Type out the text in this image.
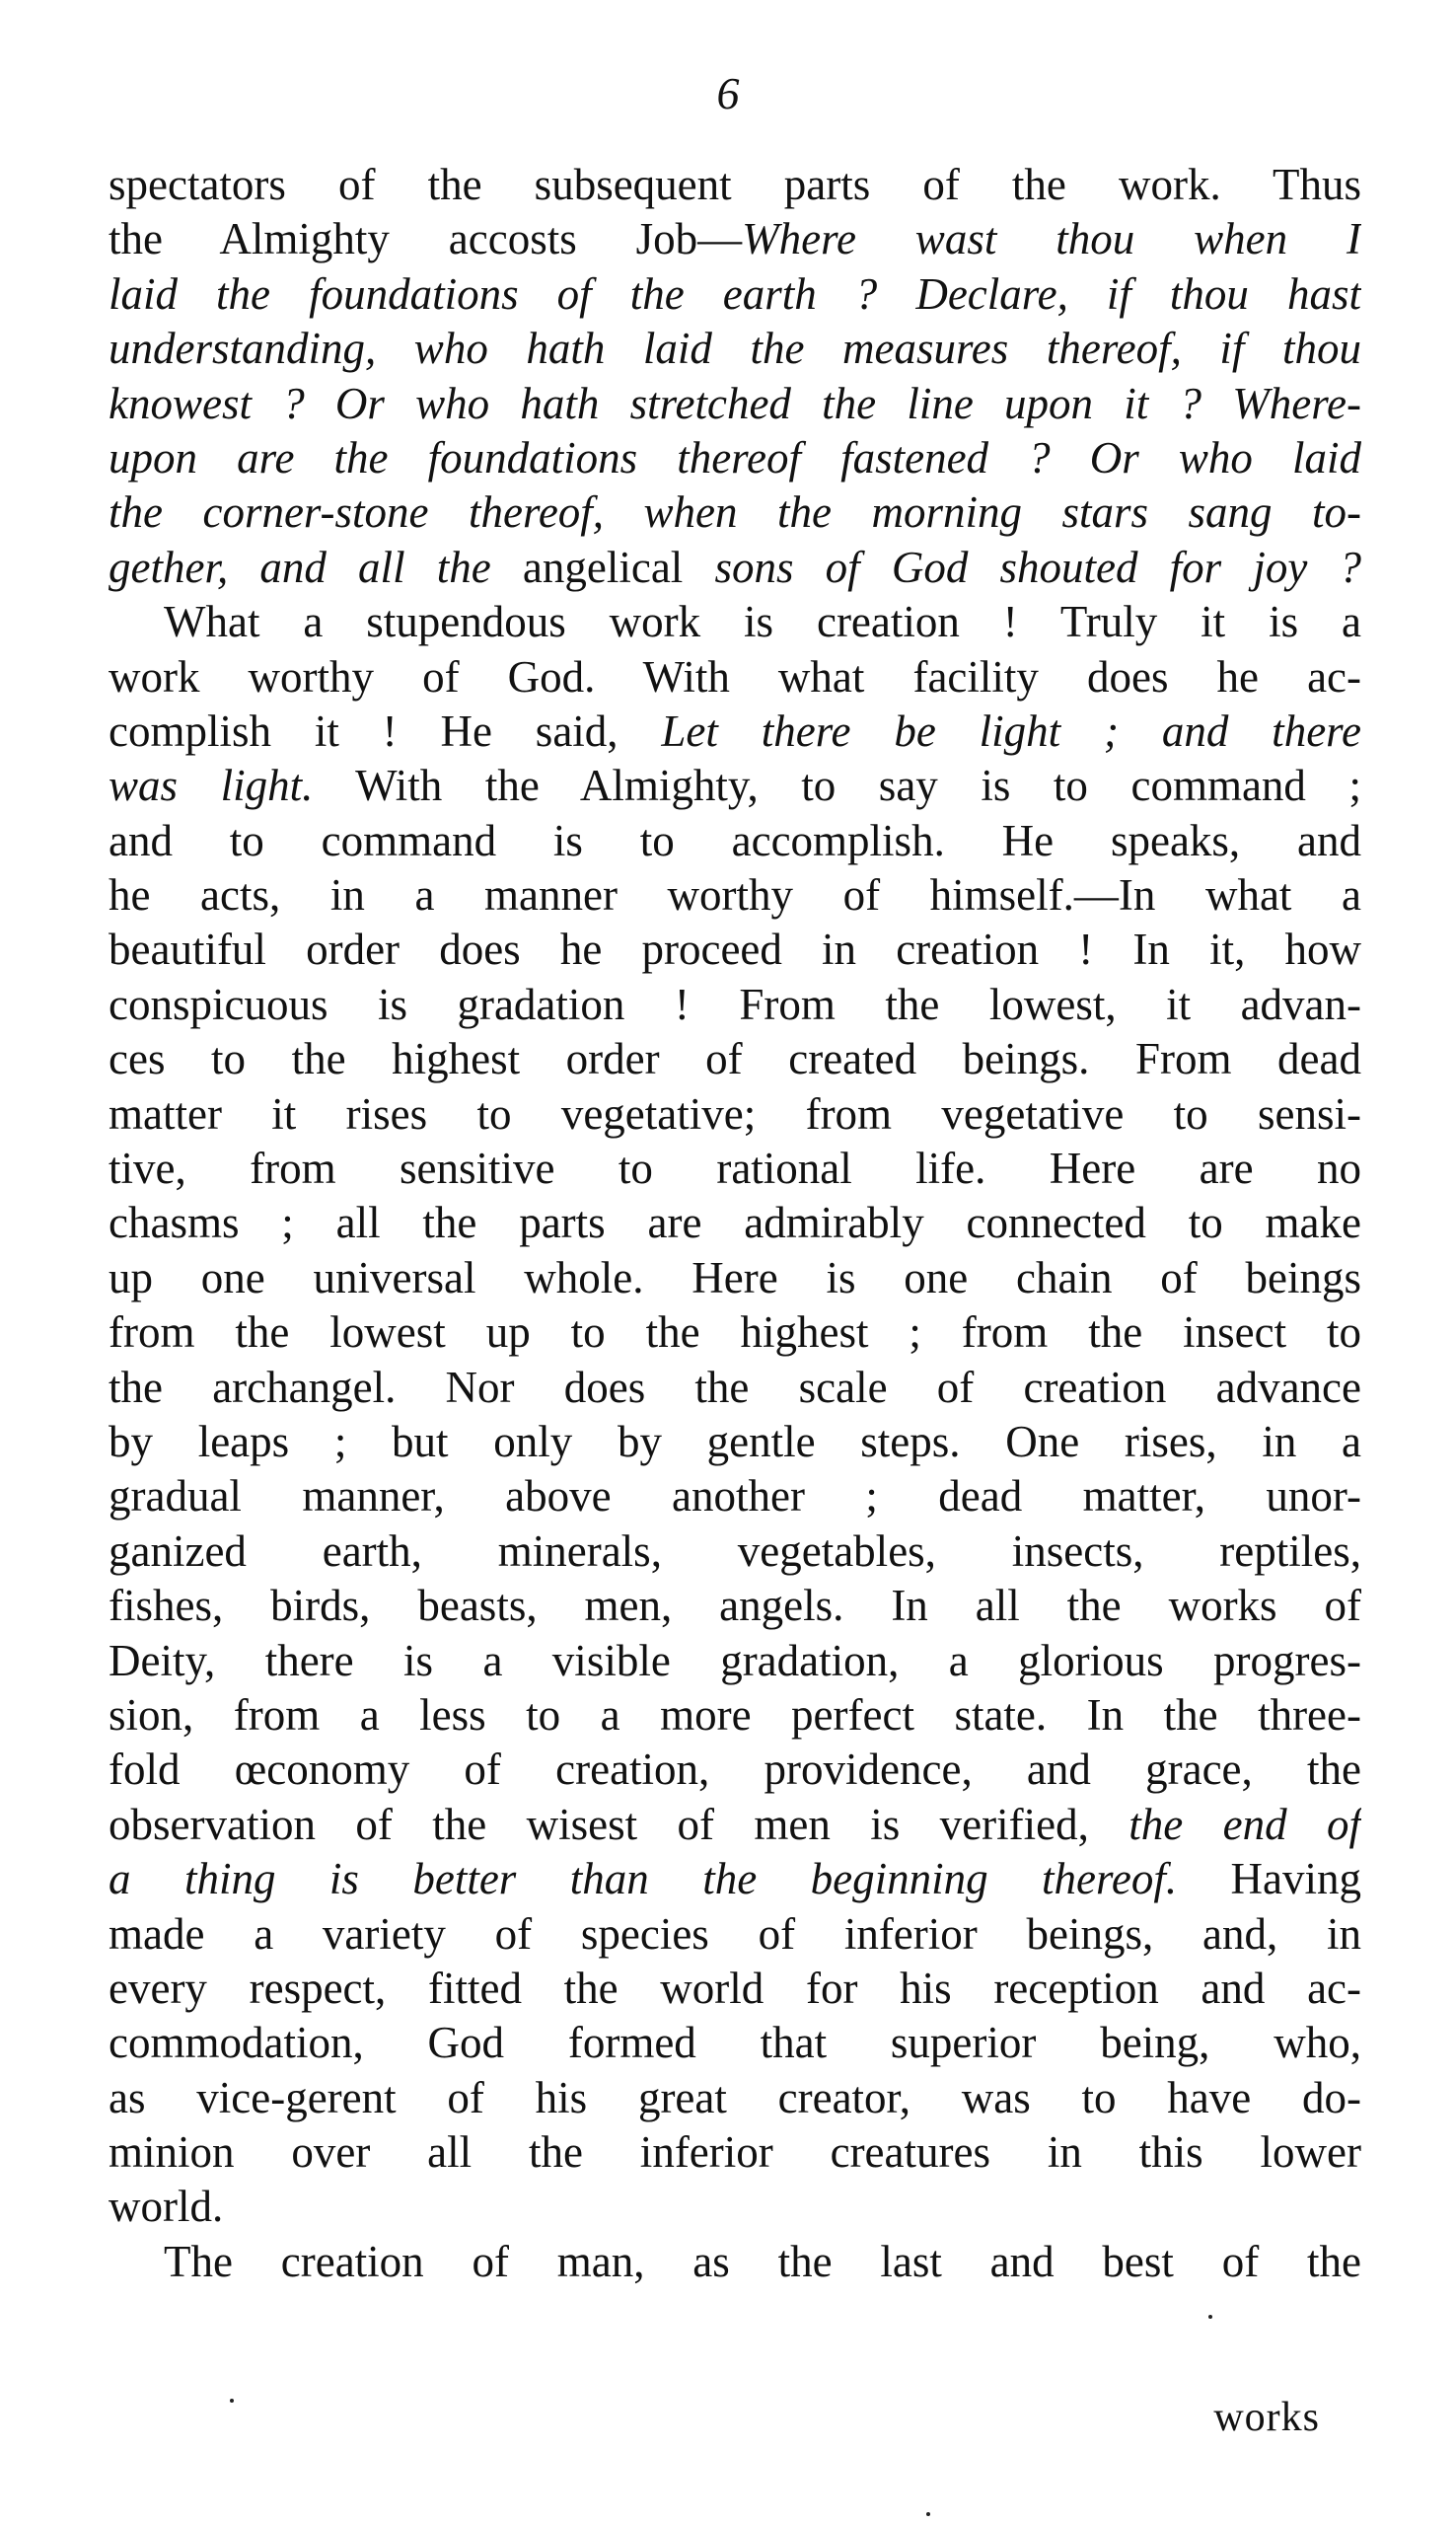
6
spectators of the subsequent parts of the work. Thus
the Almighty accosts Job—Where wast thou when I
laid the foundations of the earth ? Declare, if thou hast
understanding, who hath laid the measures thereof, if thou
knowest ? Or who hath stretched the line upon it ? Where-
upon are the foundations thereof fastened ? Or who laid
the corner-stone thereof, when the morning stars sang to-
gether, and all the angelical sons of God shouted for joy ?
What a stupendous work is creation ! Truly it is a
work worthy of God. With what facility does he ac-
complish it ! He said, Let there be light ; and there
was light. With the Almighty, to say is to command ;
and to command is to accomplish. He speaks, and
he acts, in a manner worthy of himself.—In what a
beautiful order does he proceed in creation ! In it, how
conspicuous is gradation ! From the lowest, it advan-
ces to the highest order of created beings. From dead
matter it rises to vegetative; from vegetative to sensi-
tive, from sensitive to rational life. Here are no
chasms ; all the parts are admirably connected to make
up one universal whole. Here is one chain of beings
from the lowest up to the highest ; from the insect to
the archangel. Nor does the scale of creation advance
by leaps ; but only by gentle steps. One rises, in a
gradual manner, above another ; dead matter, unor-
ganized earth, minerals, vegetables, insects, reptiles,
fishes, birds, beasts, men, angels. In all the works of
Deity, there is a visible gradation, a glorious progres-
sion, from a less to a more perfect state. In the three-
fold œconomy of creation, providence, and grace, the
observation of the wisest of men is verified, the end of
a thing is better than the beginning thereof. Having
made a variety of species of inferior beings, and, in
every respect, fitted the world for his reception and ac-
commodation, God formed that superior being, who,
as vice-gerent of his great creator, was to have do-
minion over all the inferior creatures in this lower
world.
The creation of man, as the last and best of the
works
